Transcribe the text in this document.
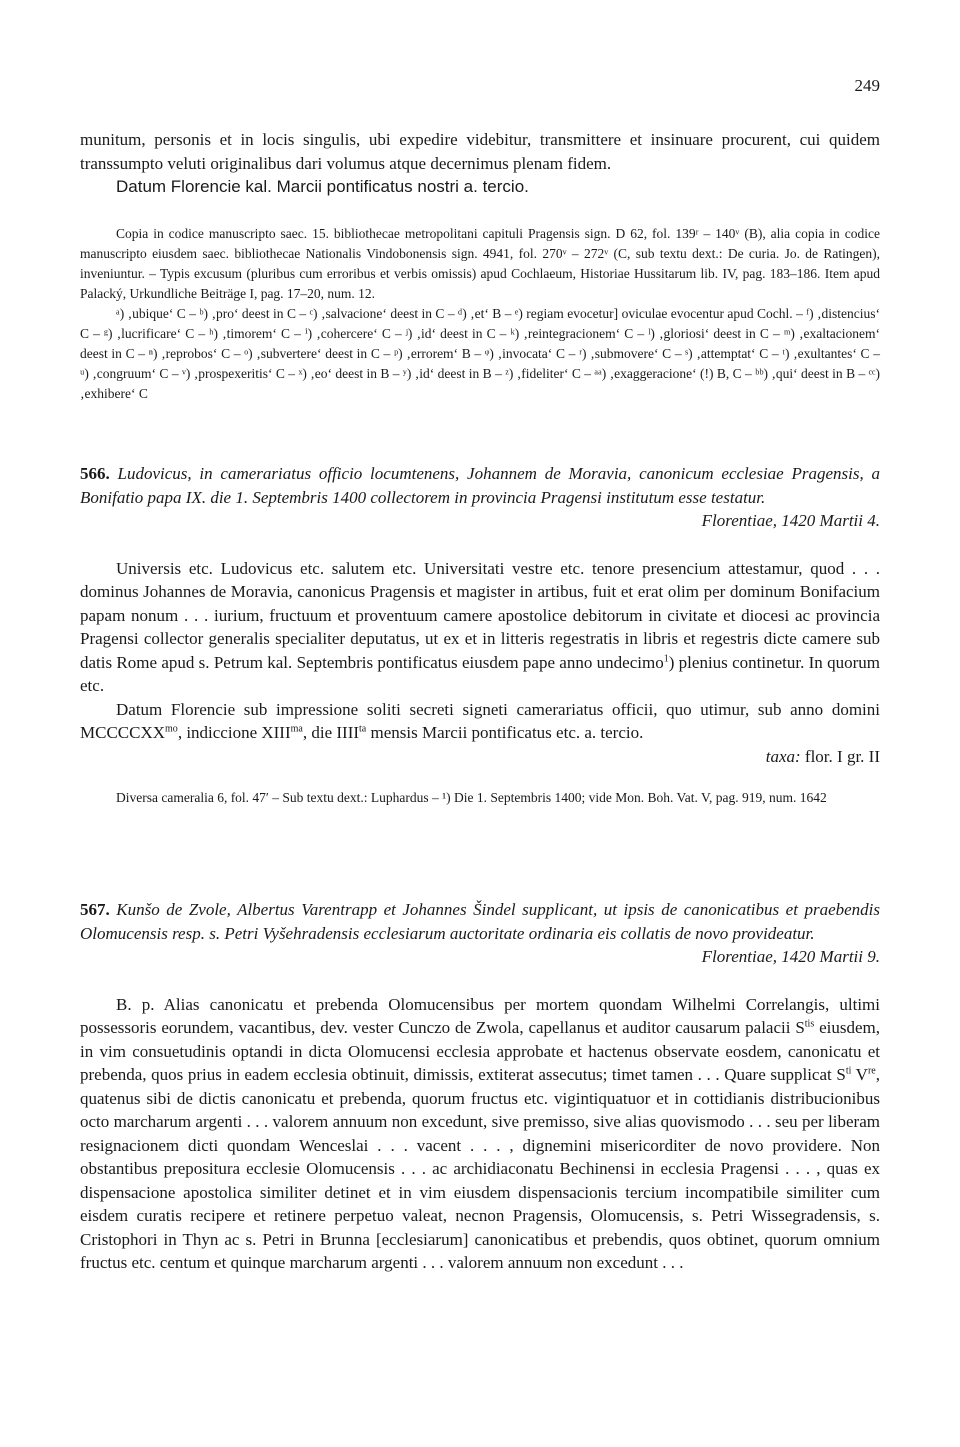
249

munitum, personis et in locis singulis, ubi expedire videbitur, transmittere et insinuare procurent, cui quidem transsumpto veluti originalibus dari volumus atque decernimus plenam fidem.

Datum Florencie kal. Marcii pontificatus nostri a. tercio.

Copia in codice manuscripto saec. 15. bibliothecae metropolitani capituli Pragensis sign. D 62, fol. 139ʳ – 140ᵛ (B), alia copia in codice manuscripto eiusdem saec. bibliothecae Nationalis Vindobonensis sign. 4941, fol. 270ᵛ – 272ᵛ (C, sub textu dext.: De curia. Jo. de Ratingen), inveniuntur. – Typis excusum (pluribus cum erroribus et verbis omissis) apud Cochlaeum, Historiae Hussitarum lib. IV, pag. 183–186. Item apud Palacký, Urkundliche Beiträge I, pag. 17–20, num. 12.

ᵃ) ‚ubique‘ C – ᵇ) ‚pro‘ deest in C – ᶜ) ‚salvacione‘ deest in C – ᵈ) ‚et‘ B – ᵉ) regiam evocetur] oviculae evocentur apud Cochl. – ᶠ) ‚distencius‘ C – ᵍ) ‚lucrificare‘ C – ʰ) ‚timorem‘ C – ⁱ) ‚cohercere‘ C – ʲ) ‚id‘ deest in C – ᵏ) ‚reintegracionem‘ C – ˡ) ‚gloriosi‘ deest in C – ᵐ) ‚exaltacionem‘ deest in C – ⁿ) ‚reprobos‘ C – ᵒ) ‚subvertere‘ deest in C – ᵖ) ‚errorem‘ B – ᵠ) ‚invocata‘ C – ʳ) ‚submovere‘ C – ˢ) ‚attemptat‘ C – ᵗ) ‚exultantes‘ C – ᵘ) ‚congruum‘ C – ᵛ) ‚prospexeritis‘ C – ˣ) ‚eo‘ deest in B – ʸ) ‚id‘ deest in B – ᶻ) ‚fideliter‘ C – ᵃᵃ) ‚exaggeracione‘ (!) B, C – ᵇᵇ) ‚qui‘ deest in B – ᶜᶜ) ‚exhibere‘ C

566. Ludovicus, in camerariatus officio locumtenens, Johannem de Moravia, canonicum ecclesiae Pragensis, a Bonifatio papa IX. die 1. Septembris 1400 collectorem in provincia Pragensi institutum esse testatur.

Florentiae, 1420 Martii 4.

Universis etc. Ludovicus etc. salutem etc. Universitati vestre etc. tenore presencium attestamur, quod . . . dominus Johannes de Moravia, canonicus Pragensis et magister in artibus, fuit et erat olim per dominum Bonifacium papam nonum . . . iurium, fructuum et proventuum camere apostolice debitorum in civitate et diocesi ac provincia Pragensi collector generalis specialiter deputatus, ut ex et in litteris regestratis in libris et regestris dicte camere sub datis Rome apud s. Petrum kal. Septembris pontificatus eiusdem pape anno undecimo$^1$) plenius continetur. In quorum etc.

Datum Florencie sub impressione soliti secreti signeti camerariatus officii, quo utimur, sub anno domini $MCCCCXX^{mo}$, indiccione $XIII^{ma}$, die $IIII^{ta}$ mensis Marcii pontificatus etc. a. tercio.

taxa: flor. I gr. II

Diversa cameralia 6, fol. 47′ – Sub textu dext.: Luphardus – ¹) Die 1. Septembris 1400; vide Mon. Boh. Vat. V, pag. 919, num. 1642

567. Kunšo de Zvole, Albertus Varentrapp et Johannes Šindel supplicant, ut ipsis de canonicatibus et praebendis Olomucensis resp. s. Petri Vyšehradensis ecclesiarum auctoritate ordinaria eis collatis de novo provideatur.

Florentiae, 1420 Martii 9.

B. p. Alias canonicatu et prebenda Olomucensibus per mortem quondam Wilhelmi Correlangis, ultimi possessoris eorundem, vacantibus, dev. vester Cunczo de Zwola, capellanus et auditor causarum palacii $S^{tis}$ eiusdem, in vim consuetudinis optandi in dicta Olomucensi ecclesia approbate et hactenus observate eosdem, canonicatu et prebenda, quos prius in eadem ecclesia obtinuit, dimissis, extiterat assecutus; timet tamen . . . Quare supplicat $S^{ti}$ Vre, quatenus sibi de dictis canonicatu et prebenda, quorum fructus etc. vigintiquatuor et in cottidianis distribucionibus octo marcharum argenti . . . valorem annuum non excedunt, sive premisso, sive alias quovismodo . . . seu per liberam resignacionem dicti quondam Wenceslai . . . vacent . . . , dignemini misericorditer de novo providere. Non obstantibus prepositura ecclesie Olomucensis . . . ac archidiaconatu Bechinensi in ecclesia Pragensi . . . , quas ex dispensacione apostolica similiter detinet et in vim eiusdem dispensacionis tercium incompatibile similiter cum eisdem curatis recipere et retinere perpetuo valeat, necnon Pragensis, Olomucensis, s. Petri Wissegradensis, s. Cristophori in Thyn ac s. Petri in Brunna [ecclesiarum] canonicatibus et prebendis, quos obtinet, quorum omnium fructus etc. centum et quinque marcharum argenti . . . valorem annuum non excedunt . . .
